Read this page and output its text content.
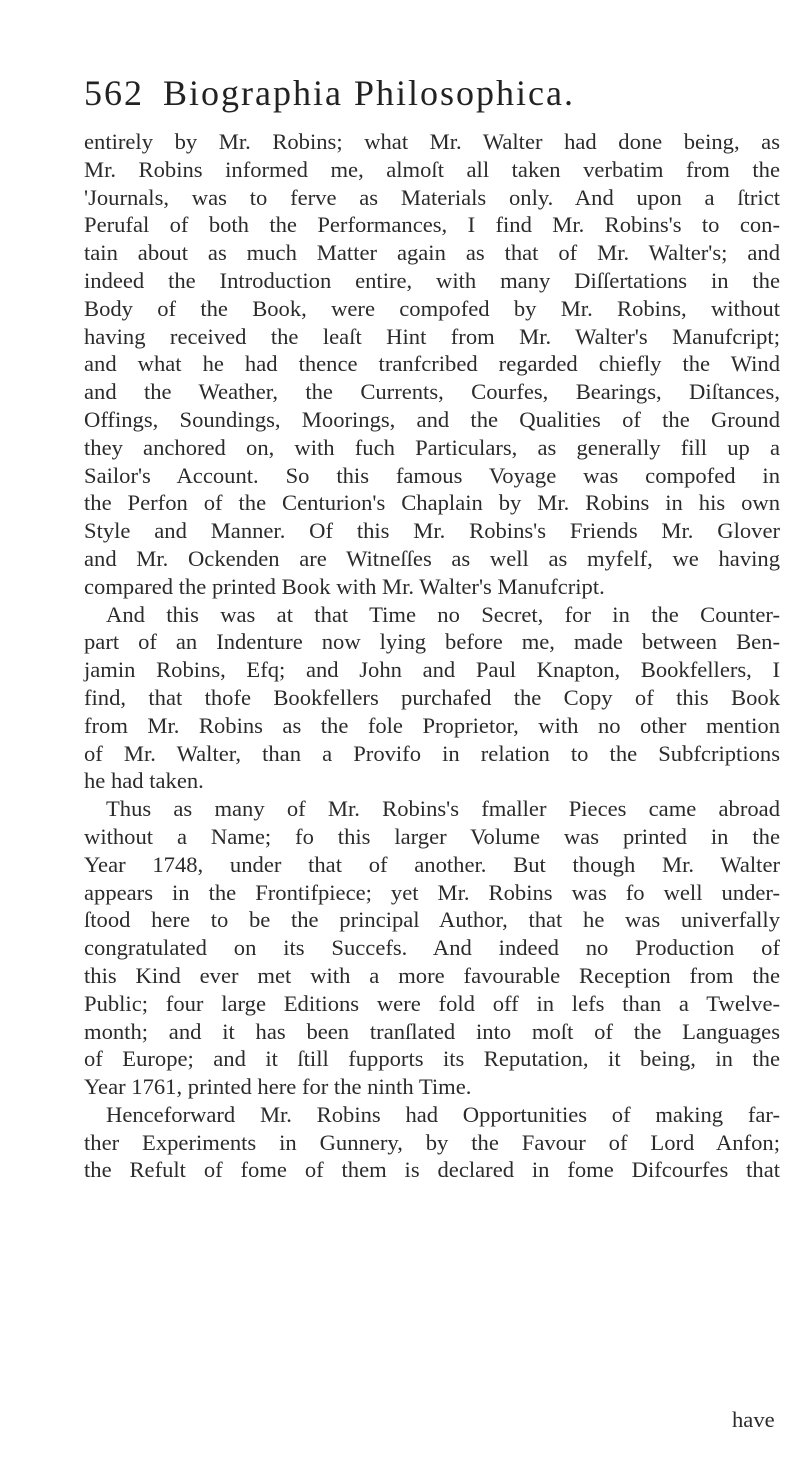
562 Biographia Philosophica.
entirely by Mr. Robins; what Mr. Walter had done being, as
Mr. Robins informed me, almoſt all taken verbatim from the
'Journals, was to ferve as Materials only. And upon a ſtrict
Perufal of both the Performances, I find Mr. Robins's to con-
tain about as much Matter again as that of Mr. Walter's; and
indeed the Introduction entire, with many Diſſertations in the
Body of the Book, were compofed by Mr. Robins, without
having received the leaſt Hint from Mr. Walter's Manufcript;
and what he had thence tranfcribed regarded chiefly the Wind
and the Weather, the Currents, Courfes, Bearings, Diſtances,
Offings, Soundings, Moorings, and the Qualities of the Ground
they anchored on, with fuch Particulars, as generally fill up a
Sailor's Account. So this famous Voyage was compofed in
the Perfon of the Centurion's Chaplain by Mr. Robins in his own
Style and Manner. Of this Mr. Robins's Friends Mr. Glover
and Mr. Ockenden are Witneſſes as well as myfelf, we having
compared the printed Book with Mr. Walter's Manufcript.
And this was at that Time no Secret, for in the Counter-
part of an Indenture now lying before me, made between Ben-
jamin Robins, Efq; and John and Paul Knapton, Bookfellers, I
find, that thofe Bookfellers purchafed the Copy of this Book
from Mr. Robins as the fole Proprietor, with no other mention
of Mr. Walter, than a Provifo in relation to the Subfcriptions
he had taken.
Thus as many of Mr. Robins's fmaller Pieces came abroad
without a Name; fo this larger Volume was printed in the
Year 1748, under that of another. But though Mr. Walter
appears in the Frontifpiece; yet Mr. Robins was fo well under-
ſtood here to be the principal Author, that he was univerfally
congratulated on its Succefs. And indeed no Production of
this Kind ever met with a more favourable Reception from the
Public; four large Editions were fold off in lefs than a Twelve-
month; and it has been tranſlated into moſt of the Languages
of Europe; and it ſtill fupports its Reputation, it being, in the
Year 1761, printed here for the ninth Time.
Henceforward Mr. Robins had Opportunities of making far-
ther Experiments in Gunnery, by the Favour of Lord Anfon;
the Refult of fome of them is declared in fome Difcourfes that
have
